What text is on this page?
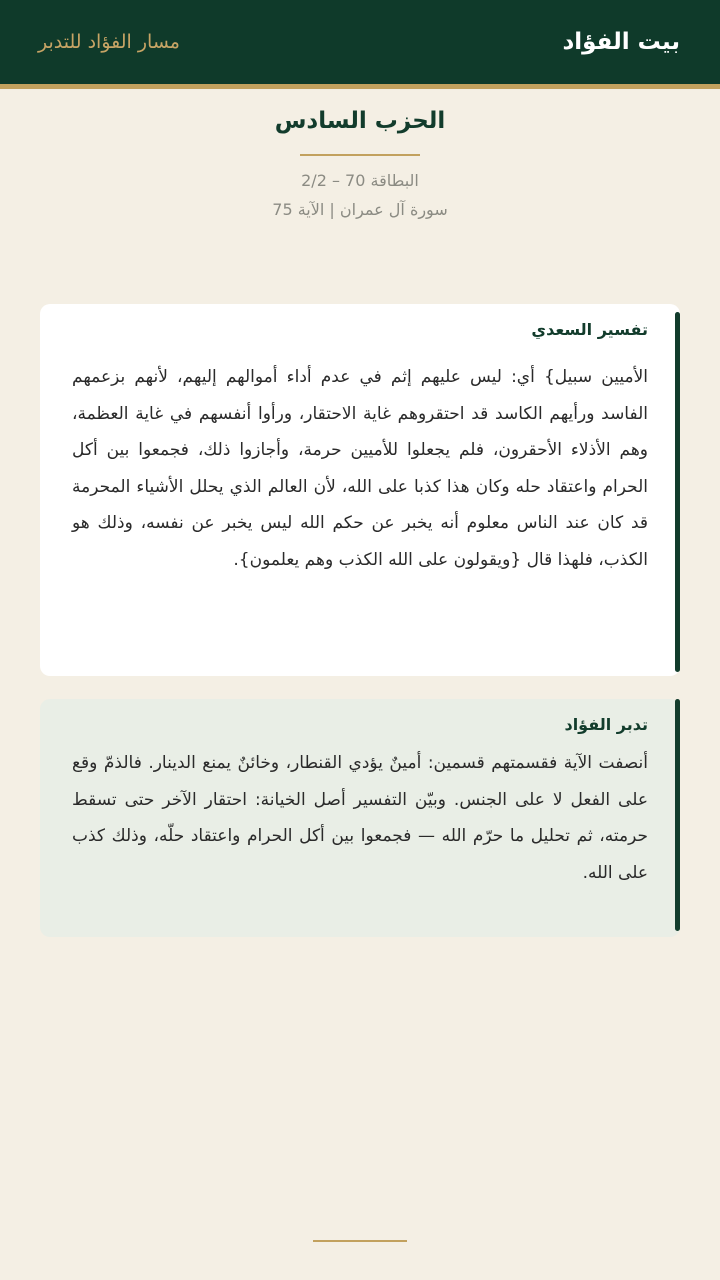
بيت الفؤاد
مسار الفؤاد للتدبر
الحزب السادس
البطاقة 70 – 2/2
سورة آل عمران | الآية 75
تفسير السعدي
الأميين سبيل} أي: ليس عليهم إثم في عدم أداء أموالهم إليهم، لأنهم بزعمهم الفاسد ورأيهم الكاسد قد احتقروهم غاية الاحتقار، ورأوا أنفسهم في غاية العظمة، وهم الأذلاء الأحقرون، فلم يجعلوا للأميين حرمة، وأجازوا ذلك، فجمعوا بين أكل الحرام واعتقاد حله وكان هذا كذبا على الله، لأن العالم الذي يحلل الأشياء المحرمة قد كان عند الناس معلوم أنه يخبر عن حكم الله ليس يخبر عن نفسه، وذلك هو الكذب، فلهذا قال {ويقولون على الله الكذب وهم يعلمون}.
تدبر الفؤاد
أنصفت الآية فقسمتهم قسمين: أمينٌ يؤدي القنطار، وخائنٌ يمنع الدينار. فالذمّ وقع على الفعل لا على الجنس. وبيّن التفسير أصل الخيانة: احتقار الآخر حتى تسقط حرمته، ثم تحليل ما حرّم الله — فجمعوا بين أكل الحرام واعتقاد حلّه، وذلك كذب على الله.
